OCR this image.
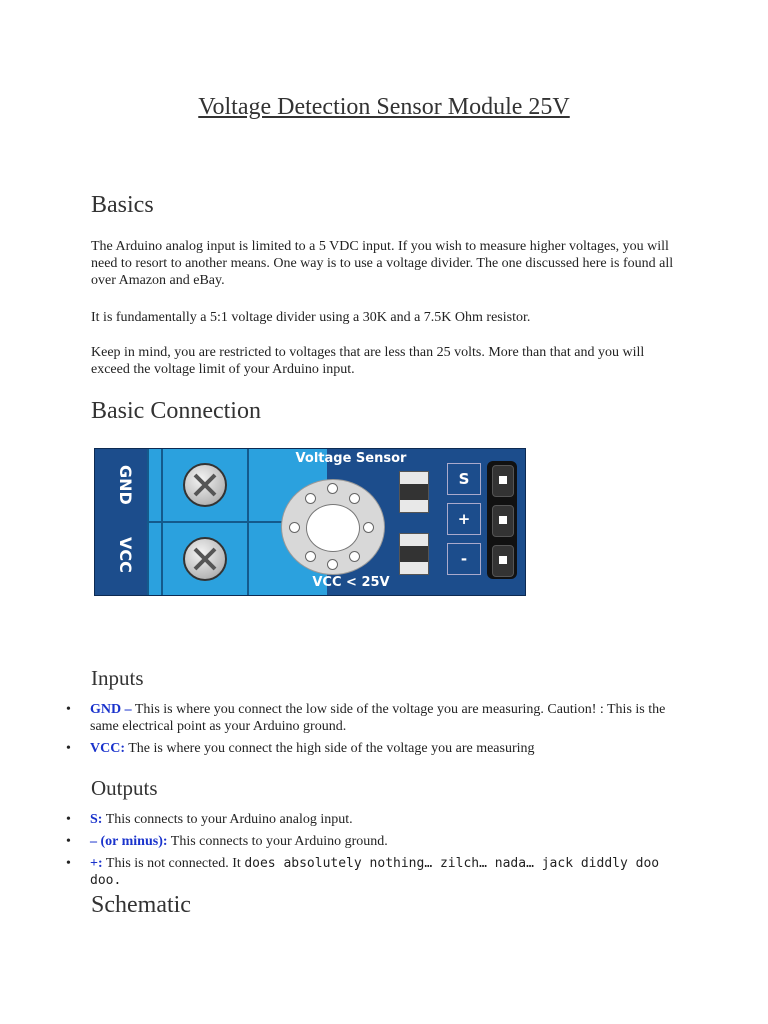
Voltage Detection Sensor Module 25V
Basics
The Arduino analog input is limited to a 5 VDC input. If you wish to measure higher voltages, you will need to resort to another means. One way is to use a voltage divider. The one discussed here is found all over Amazon and eBay.
It is fundamentally a 5:1 voltage divider using a 30K and a 7.5K Ohm resistor.
Keep in mind, you are restricted to voltages that are less than 25 volts. More than that and you will exceed the voltage limit of your Arduino input.
Basic Connection
GND
VCC
Voltage Sensor
VCC < 25V
S
+
-
Inputs
• GND – This is where you connect the low side of the voltage you are measuring. Caution! : This is the same electrical point as your Arduino ground.
• VCC: The is where you connect the high side of the voltage you are measuring
Outputs
• S: This connects to your Arduino analog input.
• – (or minus): This connects to your Arduino ground.
• +: This is not connected. It does absolutely nothing… zilch… nada… jack diddly doo doo.
Schematic
